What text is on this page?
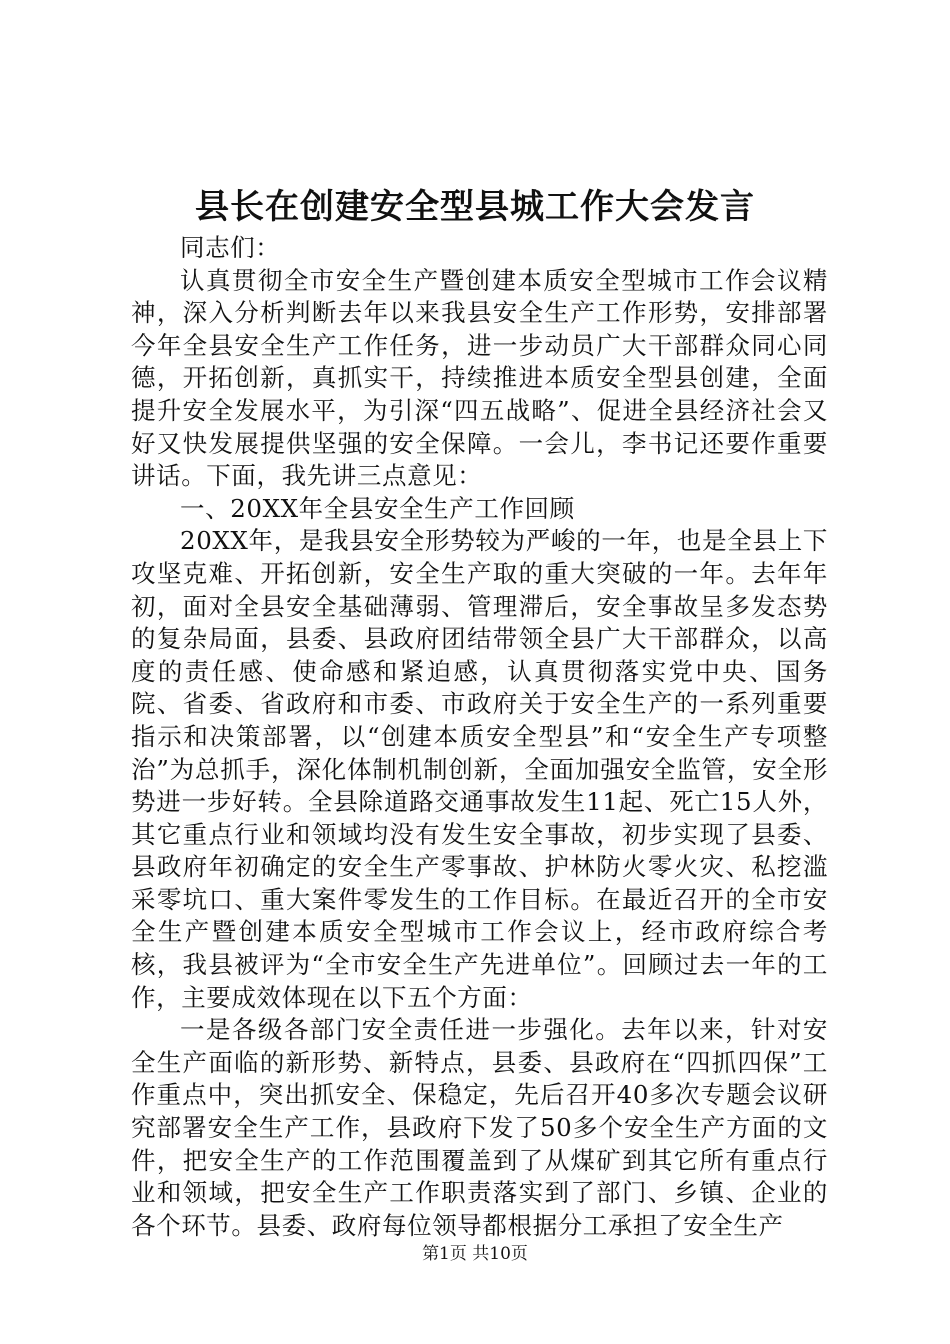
县长在创建安全型县城工作大会发言

同志们：

认真贯彻全市安全生产暨创建本质安全型城市工作会议精神，深入分析判断去年以来我县安全生产工作形势，安排部署今年全县安全生产工作任务，进一步动员广大干部群众同心同德，开拓创新，真抓实干，持续推进本质安全型县创建，全面提升安全发展水平，为引深“四五战略”、促进全县经济社会又好又快发展提供坚强的安全保障。一会儿，李书记还要作重要讲话。下面，我先讲三点意见：

一、20XX年全县安全生产工作回顾

20XX年，是我县安全形势较为严峻的一年，也是全县上下攻坚克难、开拓创新，安全生产取的重大突破的一年。去年年初，面对全县安全基础薄弱、管理滞后，安全事故呈多发态势的复杂局面，县委、县政府团结带领全县广大干部群众，以高度的责任感、使命感和紧迫感，认真贯彻落实党中央、国务院、省委、省政府和市委、市政府关于安全生产的一系列重要指示和决策部署，以“创建本质安全型县”和“安全生产专项整治”为总抓手，深化体制机制创新，全面加强安全监管，安全形势进一步好转。全县除道路交通事故发生11起、死亡15人外，其它重点行业和领域均没有发生安全事故，初步实现了县委、县政府年初确定的安全生产零事故、护林防火零火灾、私挖滥采零坑口、重大案件零发生的工作目标。在最近召开的全市安全生产暨创建本质安全型城市工作会议上，经市政府综合考核，我县被评为“全市安全生产先进单位”。回顾过去一年的工作，主要成效体现在以下五个方面：

一是各级各部门安全责任进一步强化。去年以来，针对安全生产面临的新形势、新特点，县委、县政府在“四抓四保”工作重点中，突出抓安全、保稳定，先后召开40多次专题会议研究部署安全生产工作，县政府下发了50多个安全生产方面的文件，把安全生产的工作范围覆盖到了从煤矿到其它所有重点行业和领域，把安全生产工作职责落实到了部门、乡镇、企业的各个环节。县委、政府每位领导都根据分工承担了安全生产

第1页 共10页
